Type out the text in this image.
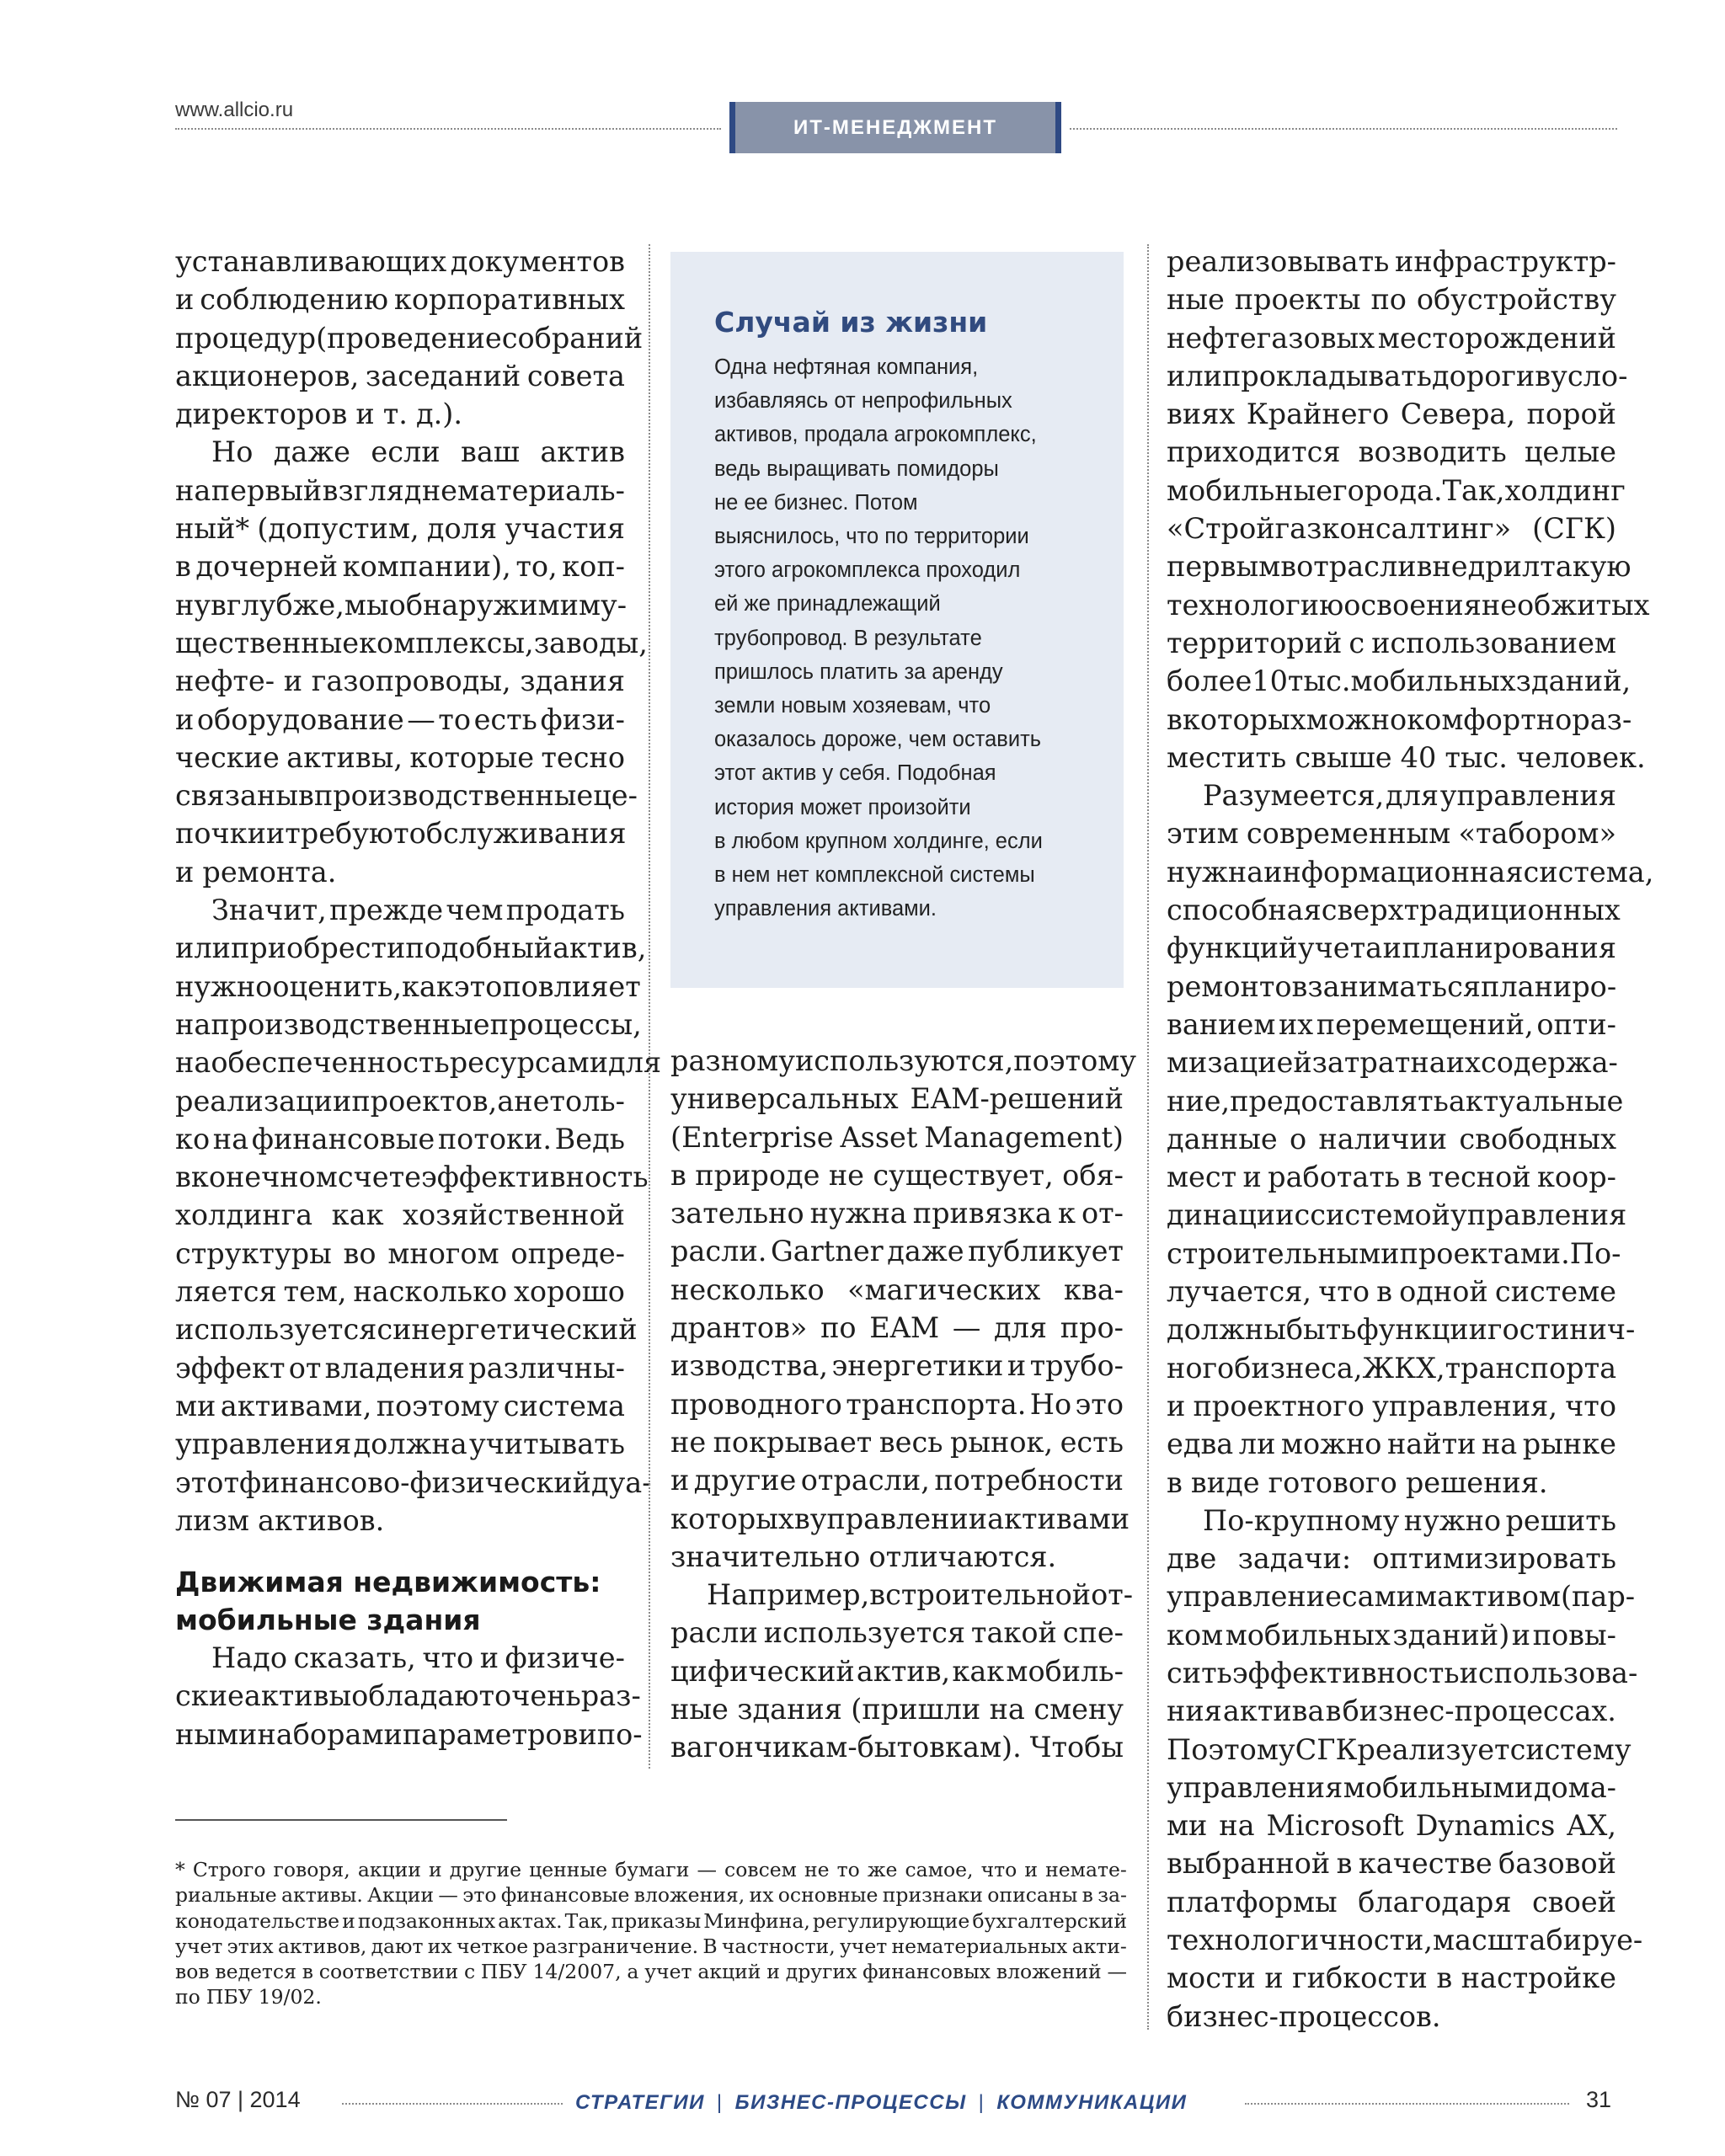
www.allcio.ru
ИТ-МЕНЕДЖМЕНТ
устанавливающих документов
и соблюдению корпоративных
процедур (проведение собраний
акционеров, заседаний совета
директоров и т. д.).
Но даже если ваш актив
на первый взгляд нематериаль-
ный* (допустим, доля участия
в дочерней компании), то, коп-
нув глубже, мы обнаружим иму-
щественные комплексы, заводы,
нефте- и газопроводы, здания
и оборудование — то есть физи-
ческие активы, которые тесно
связаны в производственные це-
почки и требуют обслуживания
и ремонта.
Значит, прежде чем продать
или приобрести подобный актив,
нужно оценить, как это повлияет
на производственные процессы,
на обеспеченность ресурсами для
реализации проектов, а не толь-
ко на финансовые потоки. Ведь
в конечном счете эффективность
холдинга как хозяйственной
структуры во многом опреде-
ляется тем, насколько хорошо
используется синергетический
эффект от владения различны-
ми активами, поэтому система
управления должна учитывать
этот финансово-физический дуа-
лизм активов.
Движимая недвижимость:
мобильные здания
Надо сказать, что и физиче-
ские активы обладают очень раз-
ными наборами параметров и по-
Случай из жизни
Одна нефтяная компания,
избавляясь от непрофильных
активов, продала агрокомплекс,
ведь выращивать помидоры
не ее бизнес. Потом
выяснилось, что по территории
этого агрокомплекса проходил
ей же принадлежащий
трубопровод. В результате
пришлось платить за аренду
земли новым хозяевам, что
оказалось дороже, чем оставить
этот актив у себя. Подобная
история может произойти
в любом крупном холдинге, если
в нем нет комплексной системы
управления активами.
разному используются, поэтому
универсальных EAM-решений
(Enterprise Asset Management)
в природе не существует, обя-
зательно нужна привязка к от-
расли. Gartner даже публикует
несколько «магических ква-
дрантов» по EAM — для про-
изводства, энергетики и трубо-
проводного транспорта. Но это
не покрывает весь рынок, есть
и другие отрасли, потребности
которых в управлении активами
значительно отличаются.
Например, в строительной от-
расли используется такой спе-
цифический актив, как мобиль-
ные здания (пришли на смену
вагончикам-бытовкам). Чтобы
реализовывать инфраструктр-
ные проекты по обустройству
нефтегазовых месторождений
или прокладывать дороги в усло-
виях Крайнего Севера, порой
приходится возводить целые
мобильные города. Так, холдинг
«Стройгазконсалтинг» (СГК)
первым в отрасли внедрил такую
технологию освоения необжитых
территорий с использованием
более 10 тыс. мобильных зданий,
в которых можно комфортно раз-
местить свыше 40 тыс. человек.
Разумеется, для управления
этим современным «табором»
нужна информационная система,
способная сверх традиционных
функций учета и планирования
ремонтов заниматься планиро-
ванием их перемещений, опти-
мизацией затрат на их содержа-
ние, предоставлять актуальные
данные о наличии свободных
мест и работать в тесной коор-
динации с системой управления
строительными проектами. По-
лучается, что в одной системе
должны быть функции гостинич-
ного бизнеса, ЖКХ, транспорта
и проектного управления, что
едва ли можно найти на рынке
в виде готового решения.
По-крупному нужно решить
две задачи: оптимизировать
управление самим активом (пар-
ком мобильных зданий) и повы-
сить эффективность использова-
ния актива в бизнес-процессах.
Поэтому СГК реализует систему
управления мобильными дома-
ми на Microsoft Dynamics AX,
выбранной в качестве базовой
платформы благодаря своей
технологичности, масштабируе-
мости и гибкости в настройке
бизнес-процессов.
* Строго говоря, акции и другие ценные бумаги — совсем не то же самое, что и немате-
риальные активы. Акции — это финансовые вложения, их основные признаки описаны в за-
конодательстве и подзаконных актах. Так, приказы Минфина, регулирующие бухгалтерский
учет этих активов, дают их четкое разграничение. В частности, учет нематериальных акти-
вов ведется в соответствии с ПБУ 14/2007, а учет акций и других финансовых вложений —
по ПБУ 19/02.
№ 07 | 2014	СТРАТЕГИИ | БИЗНЕС-ПРОЦЕССЫ | КОММУНИКАЦИИ	31
